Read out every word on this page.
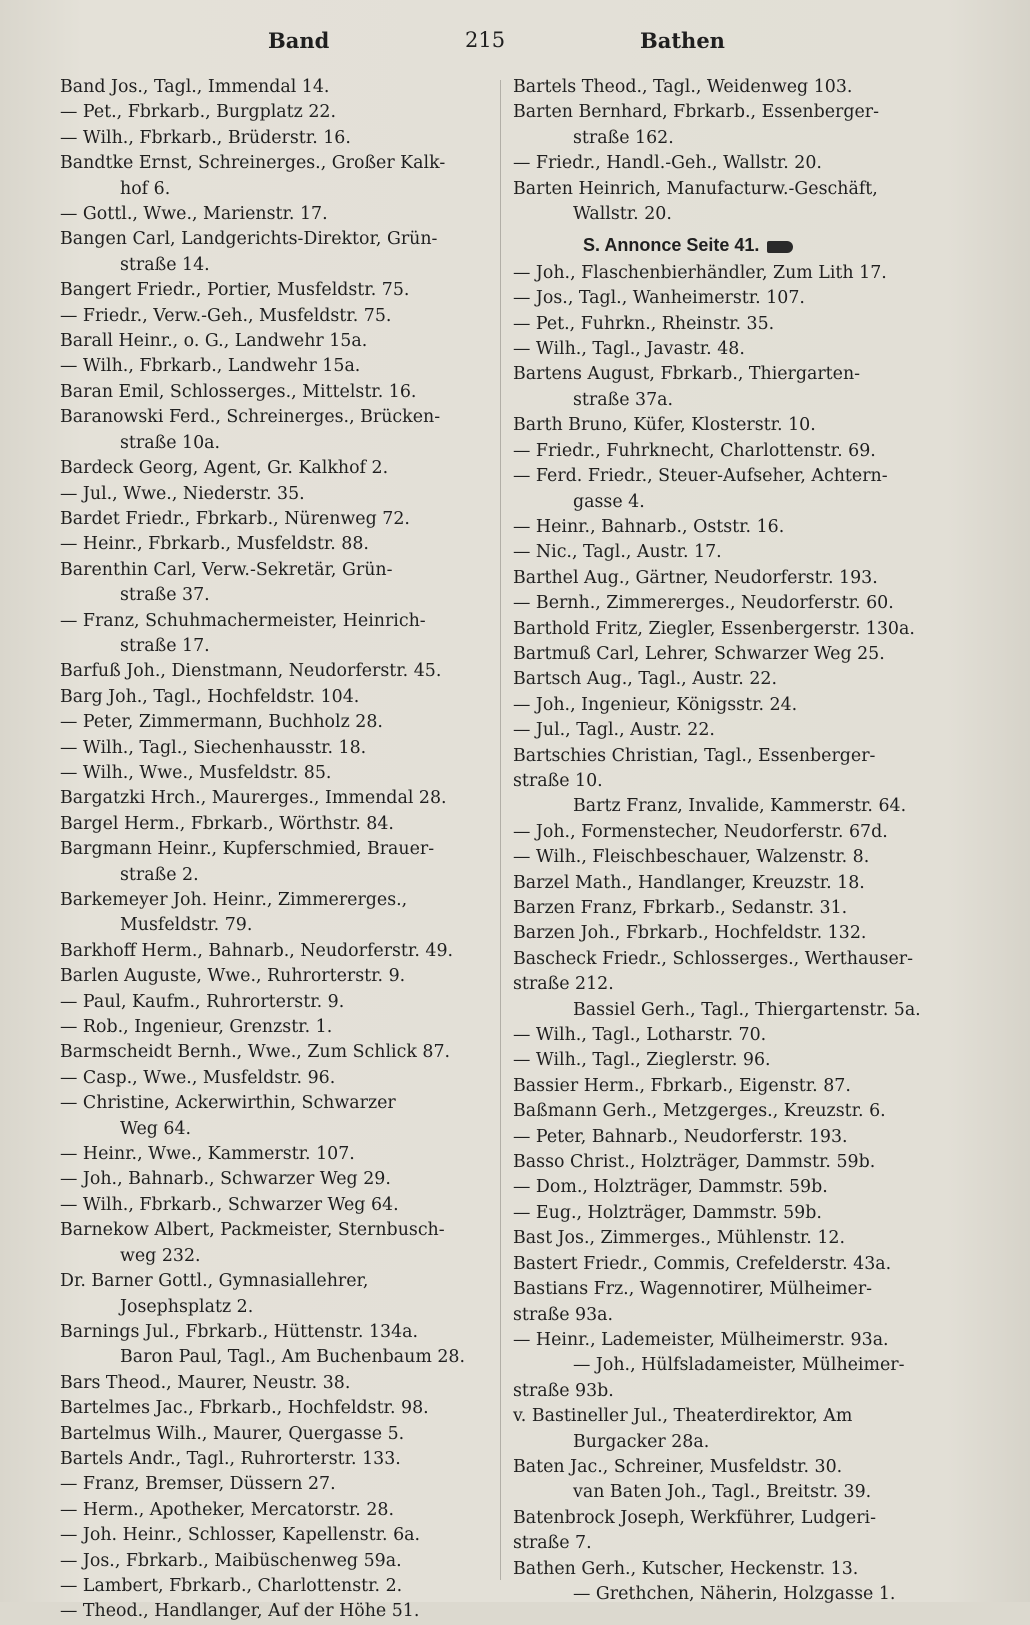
Band	215	Bathen
Band Jos., Tagl., Immendal 14.
— Pet., Fbrkarb., Burgplatz 22.
— Wilh., Fbrkarb., Brüderstr. 16.
Bandtke Ernst, Schreinerges., Großer Kalk-
hof 6.
— Gottl., Wwe., Marienstr. 17.
Bangen Carl, Landgerichts-Direktor, Grün-
straße 14.
Bangert Friedr., Portier, Musfeldstr. 75.
— Friedr., Verw.-Geh., Musfeldstr. 75.
Barall Heinr., o. G., Landwehr 15a.
— Wilh., Fbrkarb., Landwehr 15a.
Baran Emil, Schlosserges., Mittelstr. 16.
Baranowski Ferd., Schreinerges., Brücken-
straße 10a.
Bardeck Georg, Agent, Gr. Kalkhof 2.
— Jul., Wwe., Niederstr. 35.
Bardet Friedr., Fbrkarb., Nürenweg 72.
— Heinr., Fbrkarb., Musfeldstr. 88.
Barenthin Carl, Verw.-Sekretär, Grün-
straße 37.
— Franz, Schuhmachermeister, Heinrich-
straße 17.
Barfuß Joh., Dienstmann, Neudorferstr. 45.
Barg Joh., Tagl., Hochfeldstr. 104.
— Peter, Zimmermann, Buchholz 28.
— Wilh., Tagl., Siechenhausstr. 18.
— Wilh., Wwe., Musfeldstr. 85.
Bargatzki Hrch., Maurerges., Immendal 28.
Bargel Herm., Fbrkarb., Wörthstr. 84.
Bargmann Heinr., Kupferschmied, Brauer-
straße 2.
Barkemeyer Joh. Heinr., Zimmererges.,
Musfeldstr. 79.
Barkhoff Herm., Bahnarb., Neudorferstr. 49.
Barlen Auguste, Wwe., Ruhrorterstr. 9.
— Paul, Kaufm., Ruhrorterstr. 9.
— Rob., Ingenieur, Grenzstr. 1.
Barmscheidt Bernh., Wwe., Zum Schlick 87.
— Casp., Wwe., Musfeldstr. 96.
— Christine, Ackerwirthin, Schwarzer
Weg 64.
— Heinr., Wwe., Kammerstr. 107.
— Joh., Bahnarb., Schwarzer Weg 29.
— Wilh., Fbrkarb., Schwarzer Weg 64.
Barnekow Albert, Packmeister, Sternbusch-
weg 232.
Dr. Barner Gottl., Gymnasiallehrer,
Josephsplatz 2.
Barnings Jul., Fbrkarb., Hüttenstr. 134a.
Baron Paul, Tagl., Am Buchenbaum 28.
Bars Theod., Maurer, Neustr. 38.
Bartelmes Jac., Fbrkarb., Hochfeldstr. 98.
Bartelmus Wilh., Maurer, Quergasse 5.
Bartels Andr., Tagl., Ruhrorterstr. 133.
— Franz, Bremser, Düssern 27.
— Herm., Apotheker, Mercatorstr. 28.
— Joh. Heinr., Schlosser, Kapellenstr. 6a.
— Jos., Fbrkarb., Maibüschenweg 59a.
— Lambert, Fbrkarb., Charlottenstr. 2.
— Theod., Handlanger, Auf der Höhe 51.
Bartels Theod., Tagl., Weidenweg 103.
Barten Bernhard, Fbrkarb., Essenberger-
straße 162.
— Friedr., Handl.-Geh., Wallstr. 20.
Barten Heinrich, Manufacturw.-Geschäft,
Wallstr. 20.
S. Annonce Seite 41.
— Joh., Flaschenbierhändler, Zum Lith 17.
— Jos., Tagl., Wanheimerstr. 107.
— Pet., Fuhrkn., Rheinstr. 35.
— Wilh., Tagl., Javastr. 48.
Bartens August, Fbrkarb., Thiergarten-
straße 37a.
Barth Bruno, Küfer, Klosterstr. 10.
— Friedr., Fuhrknecht, Charlottenstr. 69.
— Ferd. Friedr., Steuer-Aufseher, Achtern-
gasse 4.
— Heinr., Bahnarb., Oststr. 16.
— Nic., Tagl., Austr. 17.
Barthel Aug., Gärtner, Neudorferstr. 193.
— Bernh., Zimmererges., Neudorferstr. 60.
Barthold Fritz, Ziegler, Essenbergerstr. 130a.
Bartmuß Carl, Lehrer, Schwarzer Weg 25.
Bartsch Aug., Tagl., Austr. 22.
— Joh., Ingenieur, Königsstr. 24.
— Jul., Tagl., Austr. 22.
Bartschies Christian, Tagl., Essenberger-
straße 10.
Bartz Franz, Invalide, Kammerstr. 64.
— Joh., Formenstecher, Neudorferstr. 67d.
— Wilh., Fleischbeschauer, Walzenstr. 8.
Barzel Math., Handlanger, Kreuzstr. 18.
Barzen Franz, Fbrkarb., Sedanstr. 31.
Barzen Joh., Fbrkarb., Hochfeldstr. 132.
Bascheck Friedr., Schlosserges., Werthauser-
straße 212.
Bassiel Gerh., Tagl., Thiergartenstr. 5a.
— Wilh., Tagl., Lotharstr. 70.
— Wilh., Tagl., Zieglerstr. 96.
Bassier Herm., Fbrkarb., Eigenstr. 87.
Baßmann Gerh., Metzgerges., Kreuzstr. 6.
— Peter, Bahnarb., Neudorferstr. 193.
Basso Christ., Holzträger, Dammstr. 59b.
— Dom., Holzträger, Dammstr. 59b.
— Eug., Holzträger, Dammstr. 59b.
Bast Jos., Zimmerges., Mühlenstr. 12.
Bastert Friedr., Commis, Crefelderstr. 43a.
Bastians Frz., Wagennotirer, Mülheimer-
straße 93a.
— Heinr., Lademeister, Mülheimerstr. 93a.
— Joh., Hülfsladameister, Mülheimer-
straße 93b.
v. Bastineller Jul., Theaterdirektor, Am
Burgacker 28a.
Baten Jac., Schreiner, Musfeldstr. 30.
van Baten Joh., Tagl., Breitstr. 39.
Batenbrock Joseph, Werkführer, Ludgeri-
straße 7.
Bathen Gerh., Kutscher, Heckenstr. 13.
— Grethchen, Näherin, Holzgasse 1.
